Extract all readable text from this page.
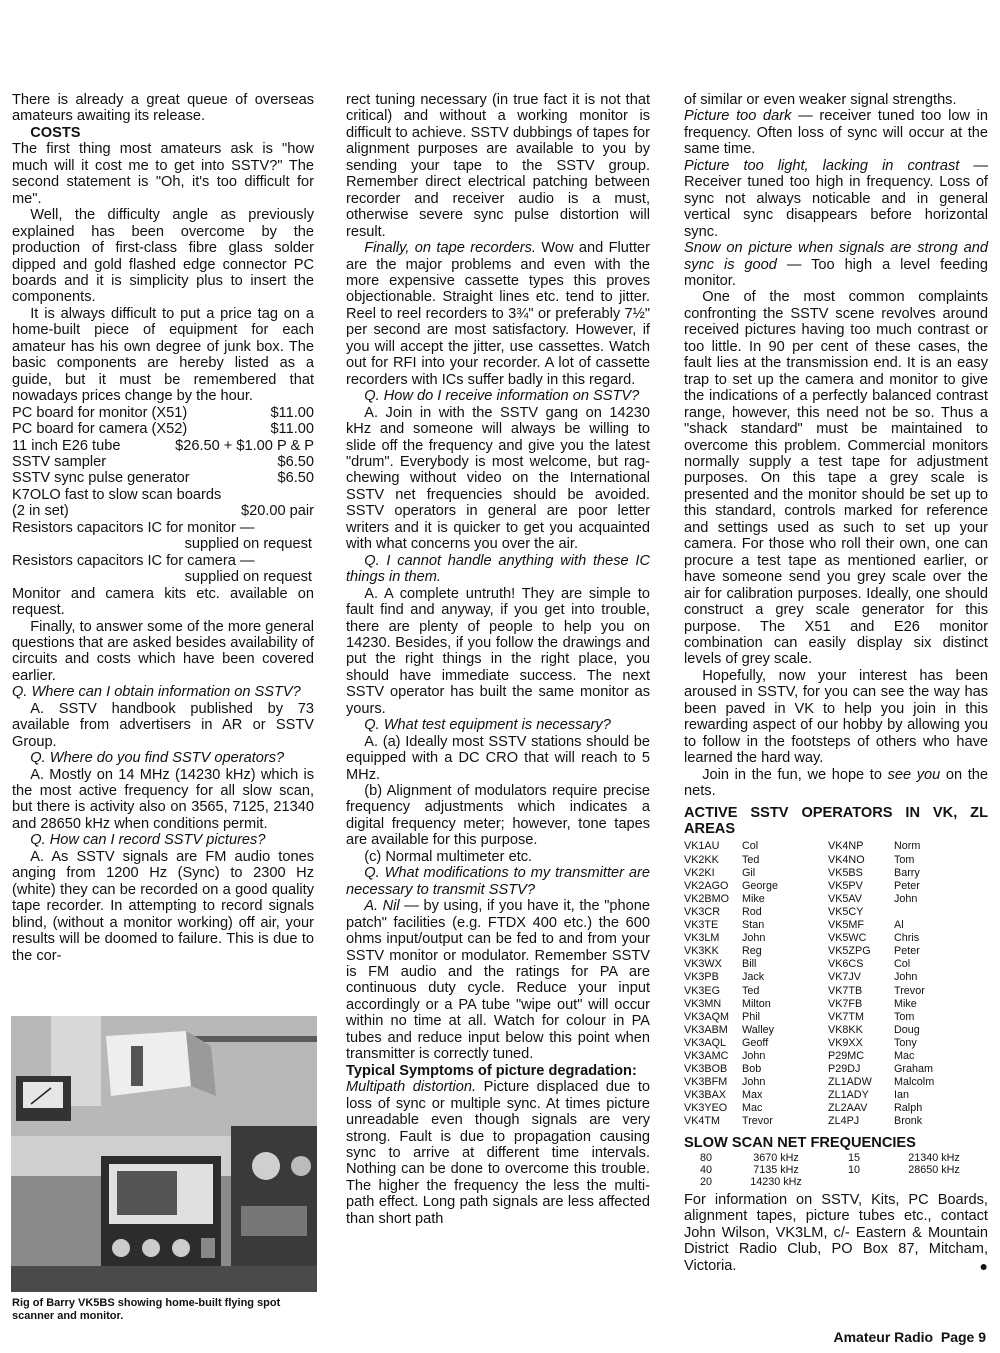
There is already a great queue of overseas amateurs awaiting its release.

COSTS

The first thing most amateurs ask is "how much will it cost me to get into SSTV?" The second statement is "Oh, it's too difficult for me".

Well, the difficulty angle as previously explained has been overcome by the production of first-class fibre glass solder dipped and gold flashed edge connector PC boards and it is simplicity plus to insert the components.

It is always difficult to put a price tag on a home-built piece of equipment for each amateur has his own degree of junk box. The basic components are hereby listed as a guide, but it must be remembered that nowadays prices change by the hour.

PC board for monitor (X51)	$11.00
PC board for camera (X52)	$11.00
11 inch E26 tube	$26.50 + $1.00 P & P
SSTV sampler	$6.50
SSTV sync pulse generator	$6.50
K7OLO fast to slow scan boards
(2 in set)	$20.00 pair
Resistors capacitors IC for monitor —
supplied on request
Resistors capacitors IC for camera —
supplied on request

Monitor and camera kits etc. available on request.

Finally, to answer some of the more general questions that are asked besides availability of circuits and costs which have been covered earlier.

Q. Where can I obtain information on SSTV?

A. SSTV handbook published by 73 available from advertisers in AR or SSTV Group.

Q. Where do you find SSTV operators?

A. Mostly on 14 MHz (14230 kHz) which is the most active frequency for all slow scan, but there is activity also on 3565, 7125, 21340 and 28650 kHz when conditions permit.

Q. How can I record SSTV pictures?

A. As SSTV signals are FM audio tones anging from 1200 Hz (Sync) to 2300 Hz (white) they can be recorded on a good quality tape recorder. In attempting to record signals blind, (without a monitor working) off air, your results will be doomed to failure. This is due to the cor-

Rig of Barry VK5BS showing home-built flying spot scanner and monitor.

rect tuning necessary (in true fact it is not that critical) and without a working monitor is difficult to achieve. SSTV dubbings of tapes for alignment purposes are available to you by sending your tape to the SSTV group. Remember direct electrical patching between recorder and receiver audio is a must, otherwise severe sync pulse distortion will result.

Finally, on tape recorders. Wow and Flutter are the major problems and even with the more expensive cassette types this proves objectionable. Straight lines etc. tend to jitter. Reel to reel recorders to 3¾" or preferably 7½" per second are most satisfactory. However, if you will accept the jitter, use cassettes. Watch out for RFI into your recorder. A lot of cassette recorders with ICs suffer badly in this regard.

Q. How do I receive information on SSTV?

A. Join in with the SSTV gang on 14230 kHz and someone will always be willing to slide off the frequency and give you the latest "drum". Everybody is most welcome, but rag-chewing without video on the International SSTV net frequencies should be avoided. SSTV operators in general are poor letter writers and it is quicker to get you acquainted with what concerns you over the air.

Q. I cannot handle anything with these IC things in them.

A. A complete untruth! They are simple to fault find and anyway, if you get into trouble, there are plenty of people to help you on 14230. Besides, if you follow the drawings and put the right things in the right place, you should have immediate success. The next SSTV operator has built the same monitor as yours.

Q. What test equipment is necessary?

A. (a) Ideally most SSTV stations should be equipped with a DC CRO that will reach to 5 MHz.

(b) Alignment of modulators require precise frequency adjustments which indicates a digital frequency meter; however, tone tapes are available for this purpose.

(c) Normal multimeter etc.

Q. What modifications to my transmitter are necessary to transmit SSTV?

A. Nil — by using, if you have it, the "phone patch" facilities (e.g. FTDX 400 etc.) the 600 ohms input/output can be fed to and from your SSTV monitor or modulator. Remember SSTV is FM audio and the ratings for PA are continuous duty cycle. Reduce your input accordingly or a PA tube "wipe out" will occur within no time at all. Watch for colour in PA tubes and reduce input below this point when transmitter is correctly tuned.

Typical Symptoms of picture degradation:

Multipath distortion. Picture displaced due to loss of sync or multiple sync. At times picture unreadable even though signals are very strong. Fault is due to propagation causing sync to arrive at different time intervals. Nothing can be done to overcome this trouble. The higher the frequency the less the multi-path effect. Long path signals are less affected than short path

of similar or even weaker signal strengths.

Picture too dark — receiver tuned too low in frequency. Often loss of sync will occur at the same time.

Picture too light, lacking in contrast — Receiver tuned too high in frequency. Loss of sync not always noticable and in general vertical sync disappears before horizontal sync.

Snow on picture when signals are strong and sync is good — Too high a level feeding monitor.

One of the most common complaints confronting the SSTV scene revolves around received pictures having too much contrast or too little. In 90 per cent of these cases, the fault lies at the transmission end. It is an easy trap to set up the camera and monitor to give the indications of a perfectly balanced contrast range, however, this need not be so. Thus a "shack standard" must be maintained to overcome this problem. Commercial monitors normally supply a test tape for adjustment purposes. On this tape a grey scale is presented and the monitor should be set up to this standard, controls marked for reference and settings used as such to set up your camera. For those who roll their own, one can procure a test tape as mentioned earlier, or have someone send you grey scale over the air for calibration purposes. Ideally, one should construct a grey scale generator for this purpose. The X51 and E26 monitor combination can easily display six distinct levels of grey scale.

Hopefully, now your interest has been aroused in SSTV, for you can see the way has been paved in VK to help you join in this rewarding aspect of our hobby by allowing you to follow in the footsteps of others who have learned the hard way.

Join in the fun, we hope to see you on the nets.

ACTIVE SSTV OPERATORS IN VK, ZL AREAS
VK1AU	Col	VK4NP	Norm
VK2KK	Ted	VK4NO	Tom
VK2KI	Gil	VK5BS	Barry
VK2AGO	George	VK5PV	Peter
VK2BMO	Mike	VK5AV	John
VK3CR	Rod	VK5CY	
VK3TE	Stan	VK5MF	Al
VK3LM	John	VK5WC	Chris
VK3KK	Reg	VK5ZPG	Peter
VK3WX	Bill	VK6CS	Col
VK3PB	Jack	VK7JV	John
VK3EG	Ted	VK7TB	Trevor
VK3MN	Milton	VK7FB	Mike
VK3AQM	Phil	VK7TM	Tom
VK3ABM	Walley	VK8KK	Doug
VK3AQL	Geoff	VK9XX	Tony
VK3AMC	John	P29MC	Mac
VK3BOB	Bob	P29DJ	Graham
VK3BFM	John	ZL1ADW	Malcolm
VK3BAX	Max	ZL1ADY	Ian
VK3YEO	Mac	ZL2AAV	Ralph
VK4TM	Trevor	ZL4PJ	Bronk
SLOW SCAN NET FREQUENCIES
80	3670 kHz	15	21340 kHz
40	7135 kHz	10	28650 kHz
20	14230 kHz		

For information on SSTV, Kits, PC Boards, alignment tapes, picture tubes etc., contact John Wilson, VK3LM, c/- Eastern & Mountain District Radio Club, PO Box 87, Mitcham, Victoria.	●

Amateur Radio  Page 9
